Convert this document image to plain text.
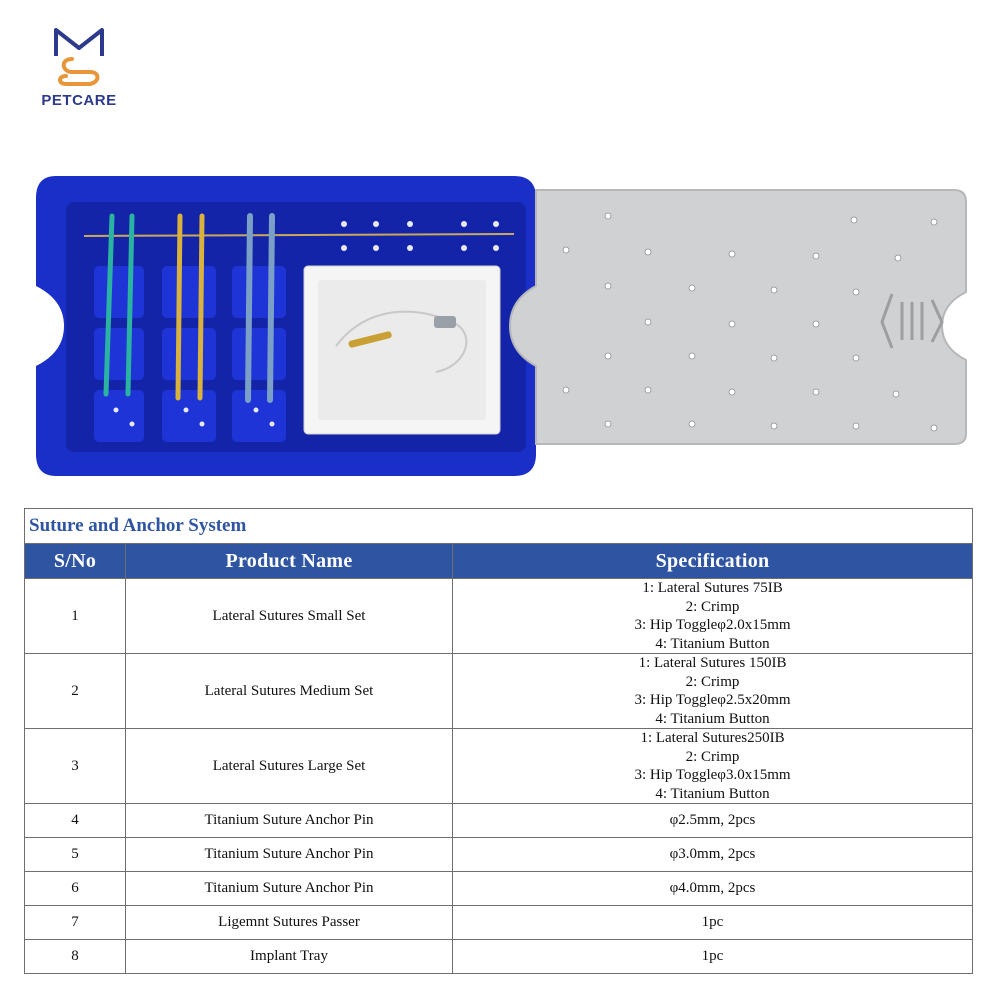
PETCARE
Suture and Anchor System		
S/No	Product Name	Specification
1	Lateral Sutures Small Set	1: Lateral Sutures 75IB
2: Crimp
3: Hip Toggleφ2.0x15mm
4: Titanium Button

2	Lateral Sutures Medium Set	1: Lateral Sutures 150IB
2: Crimp
3: Hip Toggleφ2.5x20mm
4: Titanium Button

3	Lateral Sutures Large Set	1: Lateral Sutures250IB
2: Crimp
3: Hip Toggleφ3.0x15mm
4: Titanium Button

4	Titanium Suture Anchor Pin	φ2.5mm, 2pcs
5	Titanium Suture Anchor Pin	φ3.0mm, 2pcs
6	Titanium Suture Anchor Pin	φ4.0mm, 2pcs
7	Ligemnt Sutures Passer	1pc
8	Implant Tray	1pc
